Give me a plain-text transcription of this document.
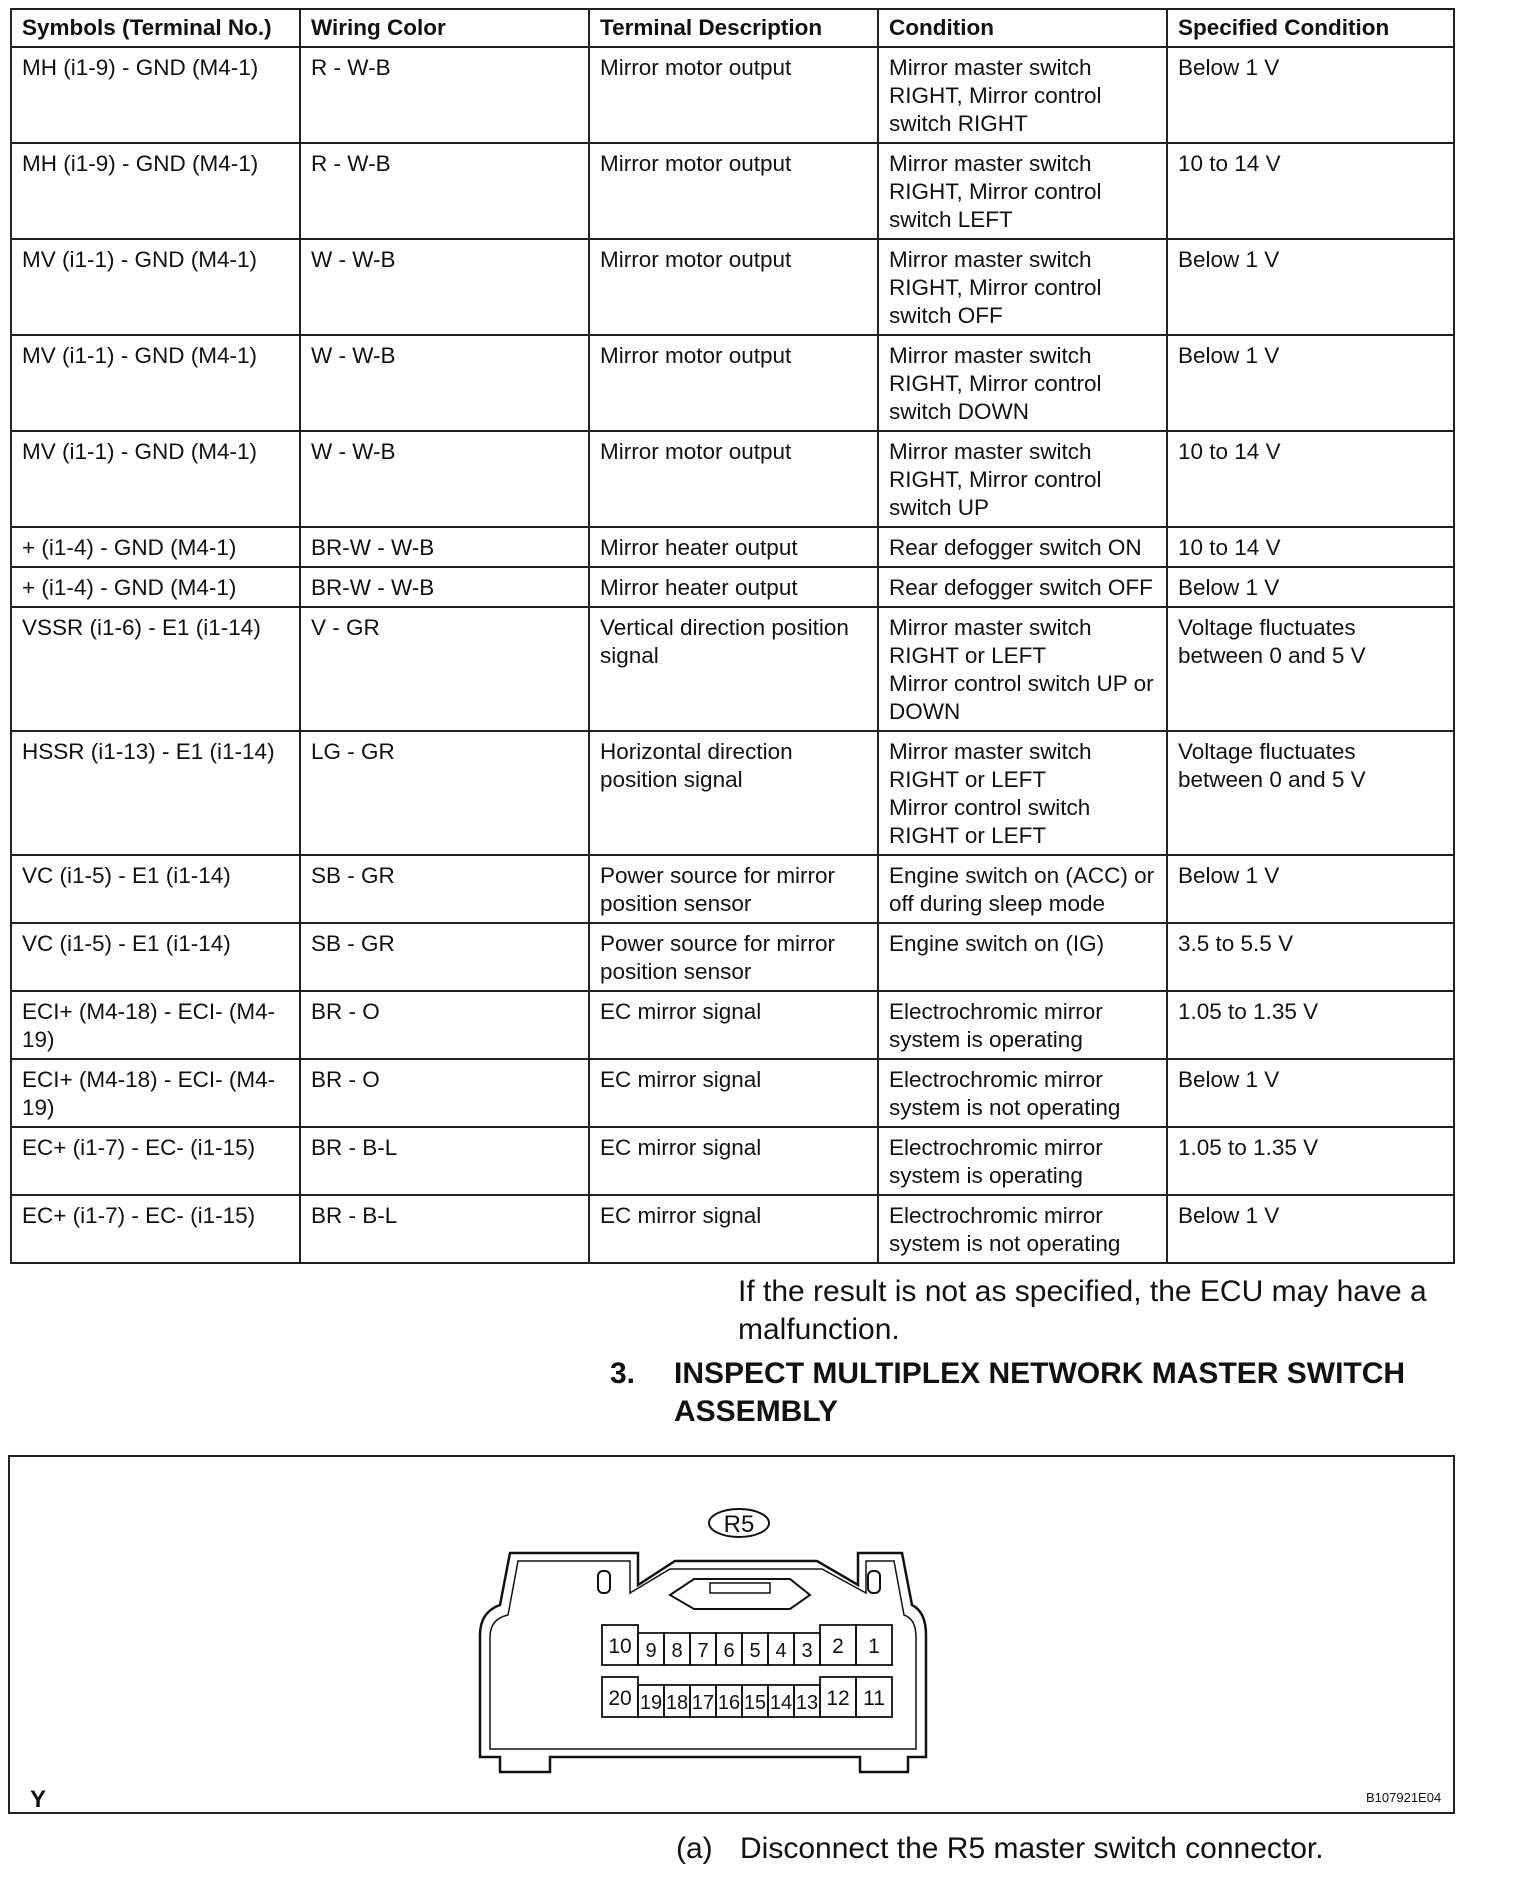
Symbols (Terminal No.)	Wiring Color	Terminal Description	Condition	Specified Condition
MH (i1-9) - GND (M4-1)	R - W-B	Mirror motor output	Mirror master switch
RIGHT, Mirror control
switch RIGHT	Below 1 V
MH (i1-9) - GND (M4-1)	R - W-B	Mirror motor output	Mirror master switch
RIGHT, Mirror control
switch LEFT	10 to 14 V
MV (i1-1) - GND (M4-1)	W - W-B	Mirror motor output	Mirror master switch
RIGHT, Mirror control
switch OFF	Below 1 V
MV (i1-1) - GND (M4-1)	W - W-B	Mirror motor output	Mirror master switch
RIGHT, Mirror control
switch DOWN	Below 1 V
MV (i1-1) - GND (M4-1)	W - W-B	Mirror motor output	Mirror master switch
RIGHT, Mirror control
switch UP	10 to 14 V
+ (i1-4) - GND (M4-1)	BR-W - W-B	Mirror heater output	Rear defogger switch ON	10 to 14 V
+ (i1-4) - GND (M4-1)	BR-W - W-B	Mirror heater output	Rear defogger switch OFF	Below 1 V
VSSR (i1-6) - E1 (i1-14)	V - GR	Vertical direction position
signal	Mirror master switch
RIGHT or LEFT
Mirror control switch UP or
DOWN	Voltage fluctuates
between 0 and 5 V
HSSR (i1-13) - E1 (i1-14)	LG - GR	Horizontal direction
position signal	Mirror master switch
RIGHT or LEFT
Mirror control switch
RIGHT or LEFT	Voltage fluctuates
between 0 and 5 V
VC (i1-5) - E1 (i1-14)	SB - GR	Power source for mirror
position sensor	Engine switch on (ACC) or
off during sleep mode	Below 1 V
VC (i1-5) - E1 (i1-14)	SB - GR	Power source for mirror
position sensor	Engine switch on (IG)	3.5 to 5.5 V
ECI+ (M4-18) - ECI- (M4-
19)	BR - O	EC mirror signal	Electrochromic mirror
system is operating	1.05 to 1.35 V
ECI+ (M4-18) - ECI- (M4-
19)	BR - O	EC mirror signal	Electrochromic mirror
system is not operating	Below 1 V
EC+ (i1-7) - EC- (i1-15)	BR - B-L	EC mirror signal	Electrochromic mirror
system is operating	1.05 to 1.35 V
EC+ (i1-7) - EC- (i1-15)	BR - B-L	EC mirror signal	Electrochromic mirror
system is not operating	Below 1 V
If the result is not as specified, the ECU may have a malfunction.
3. INSPECT MULTIPLEX NETWORK MASTER SWITCH ASSEMBLY
R5
10 9 8 7 6 5 4 3 2 1
20 19 18 17 16 15 14 13 12 11
Y	B107921E04
(a) Disconnect the R5 master switch connector.
